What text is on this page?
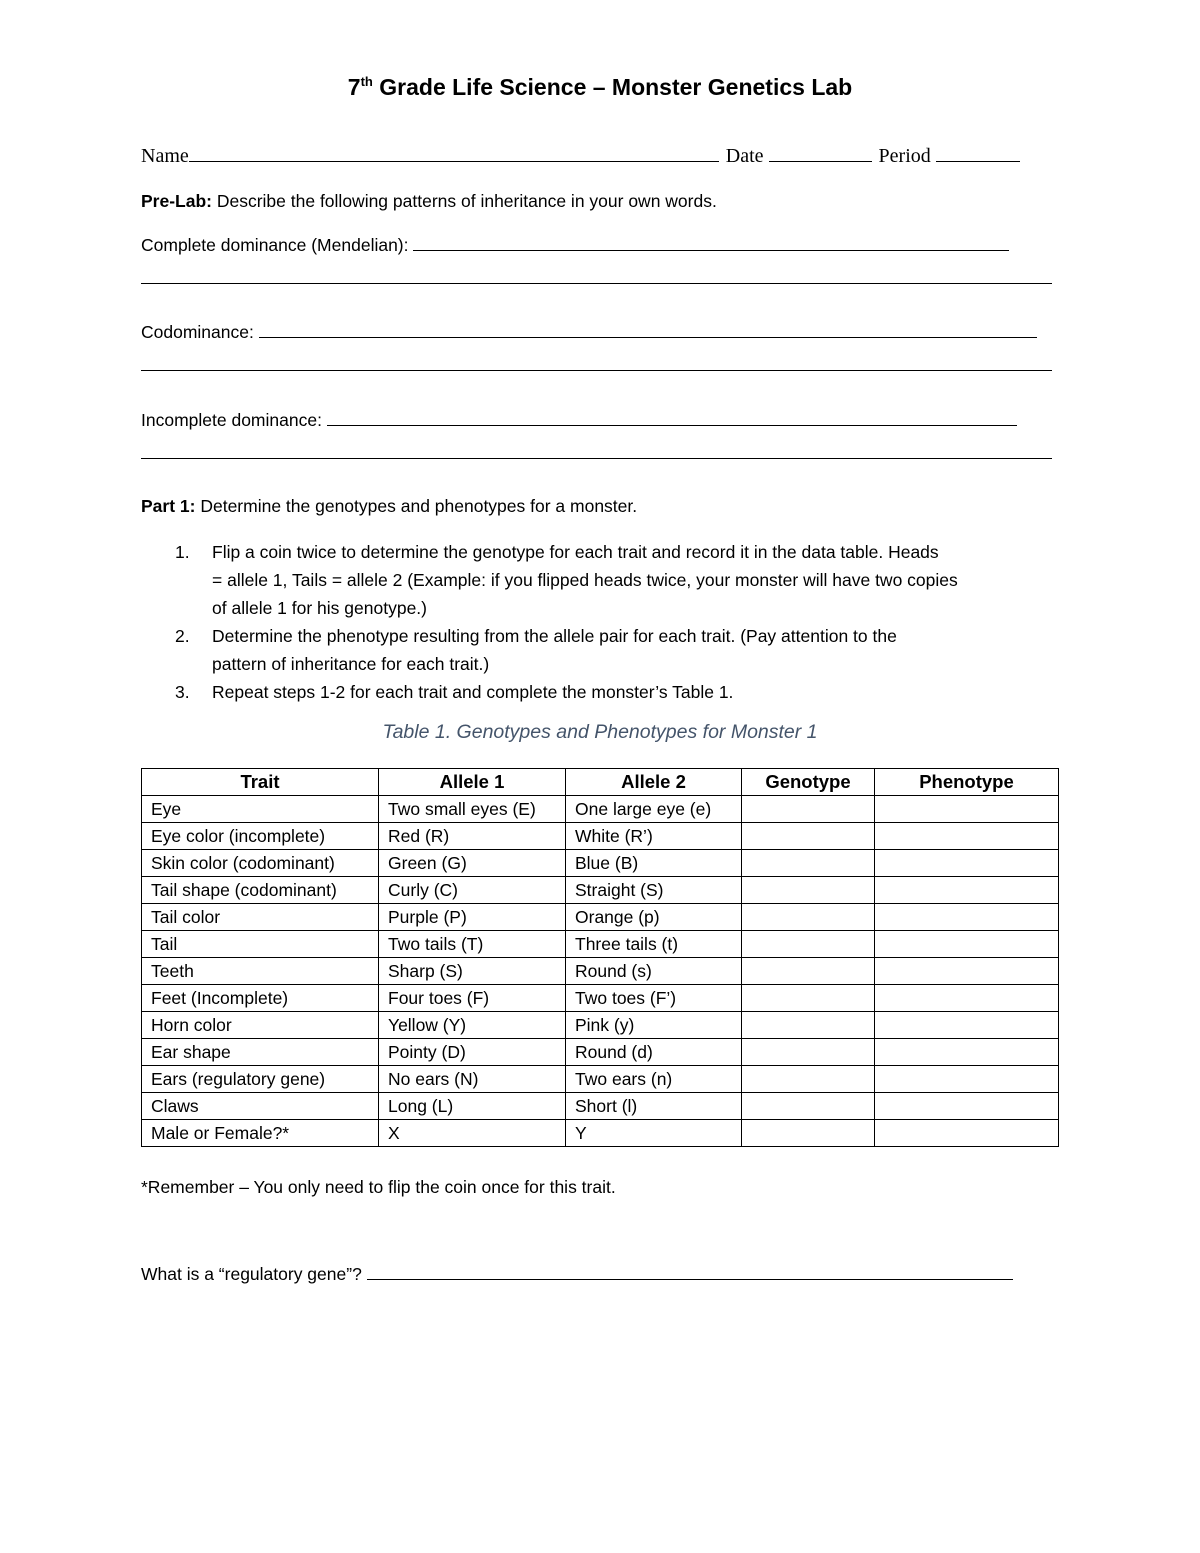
7th Grade Life Science – Monster Genetics Lab
Name	Date	Period
Pre-Lab: Describe the following patterns of inheritance in your own words.
Complete dominance (Mendelian):
Codominance:
Incomplete dominance:
Part 1: Determine the genotypes and phenotypes for a monster.
1. Flip a coin twice to determine the genotype for each trait and record it in the data table. Heads
= allele 1, Tails = allele 2 (Example: if you flipped heads twice, your monster will have two copies
of allele 1 for his genotype.)
2. Determine the phenotype resulting from the allele pair for each trait. (Pay attention to the
pattern of inheritance for each trait.)
3. Repeat steps 1-2 for each trait and complete the monster’s Table 1.
Table 1. Genotypes and Phenotypes for Monster 1
Trait	Allele 1	Allele 2	Genotype	Phenotype
Eye	Two small eyes (E)	One large eye (e)		
Eye color (incomplete)	Red (R)	White (R’)		
Skin color (codominant)	Green (G)	Blue (B)		
Tail shape (codominant)	Curly (C)	Straight (S)		
Tail color	Purple (P)	Orange (p)		
Tail	Two tails (T)	Three tails (t)		
Teeth	Sharp (S)	Round (s)		
Feet (Incomplete)	Four toes (F)	Two toes (F’)		
Horn color	Yellow (Y)	Pink (y)		
Ear shape	Pointy (D)	Round (d)		
Ears (regulatory gene)	No ears (N)	Two ears (n)		
Claws	Long (L)	Short (l)		
Male or Female?*	X	Y		
*Remember – You only need to flip the coin once for this trait.
What is a “regulatory gene”?
